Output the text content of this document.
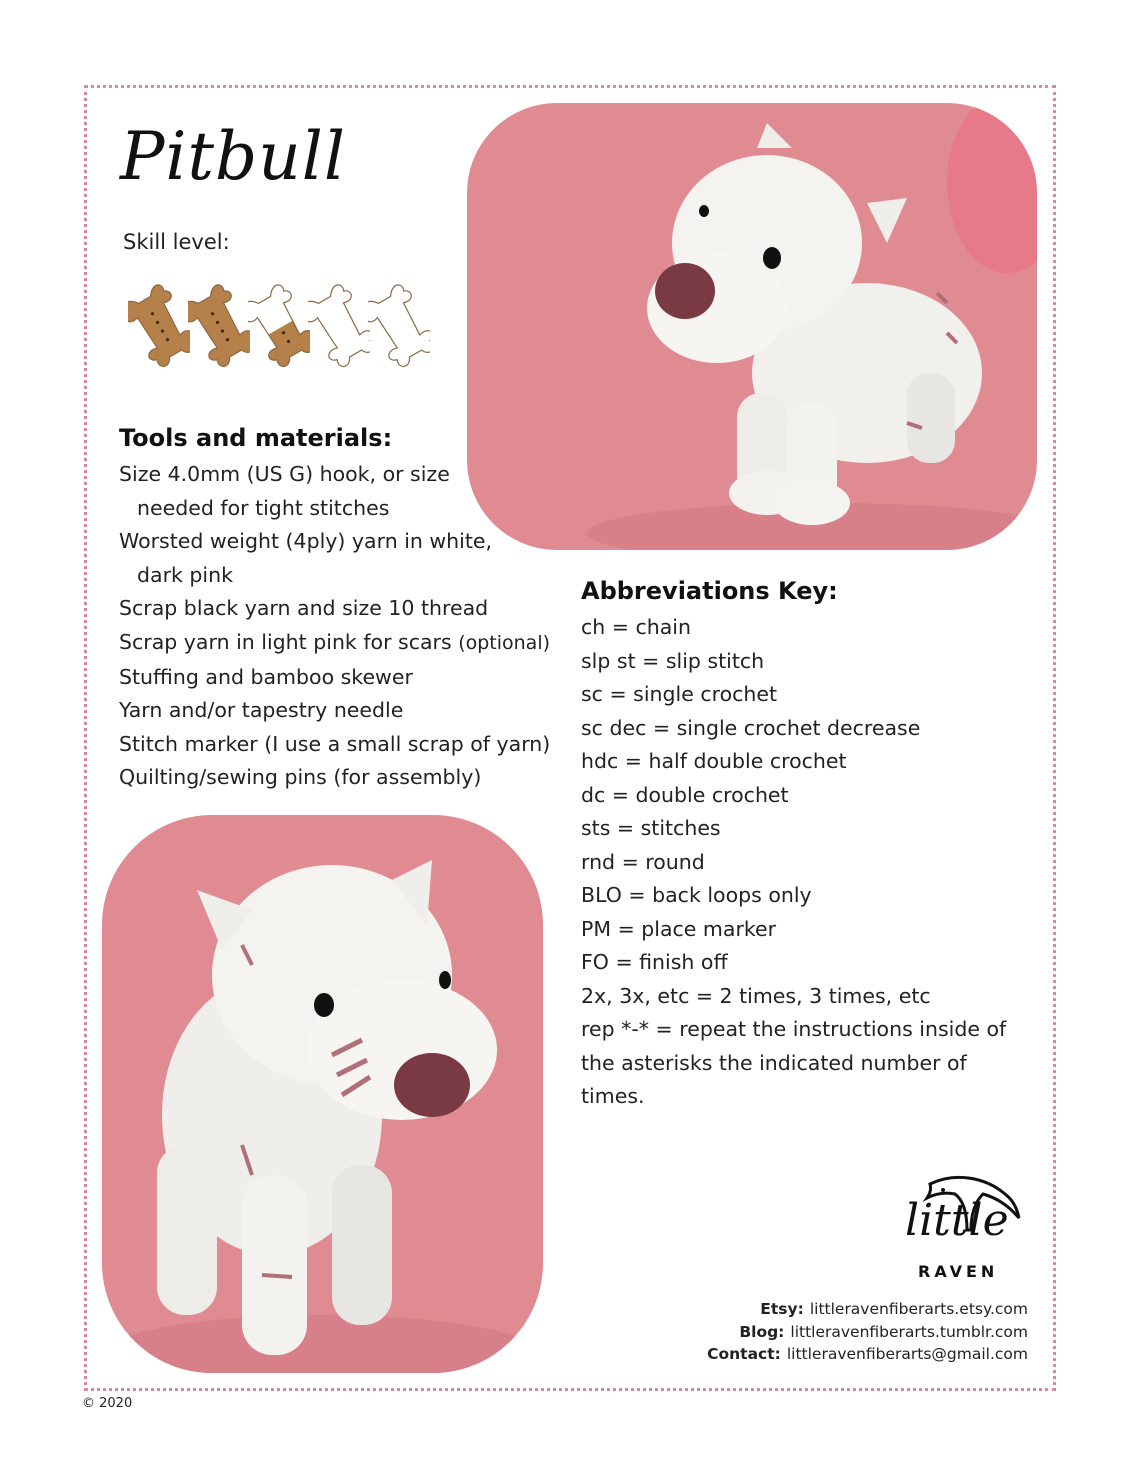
Pitbull
Skill level:
Tools and materials:
Size 4.0mm (US G) hook, or size
needed for tight stitches
Worsted weight (4ply) yarn in white,
dark pink
Scrap black yarn and size 10 thread
Scrap yarn in light pink for scars (optional)
Stuffing and bamboo skewer
Yarn and/or tapestry needle
Stitch marker (I use a small scrap of yarn)
Quilting/sewing pins (for assembly)
Abbreviations Key:
ch = chain
slp st = slip stitch
sc = single crochet
sc dec = single crochet decrease
hdc = half double crochet
dc = double crochet
sts = stitches
rnd = round
BLO = back loops only
PM = place marker
FO = finish off
2x, 3x, etc = 2 times, 3 times, etc
rep *-* = repeat the instructions inside of the asterisks the indicated number of times.
little
RAVEN
Etsy: littleravenfiberarts.etsy.com
Blog: littleravenfiberarts.tumblr.com
Contact: littleravenfiberarts@gmail.com
© 2020
